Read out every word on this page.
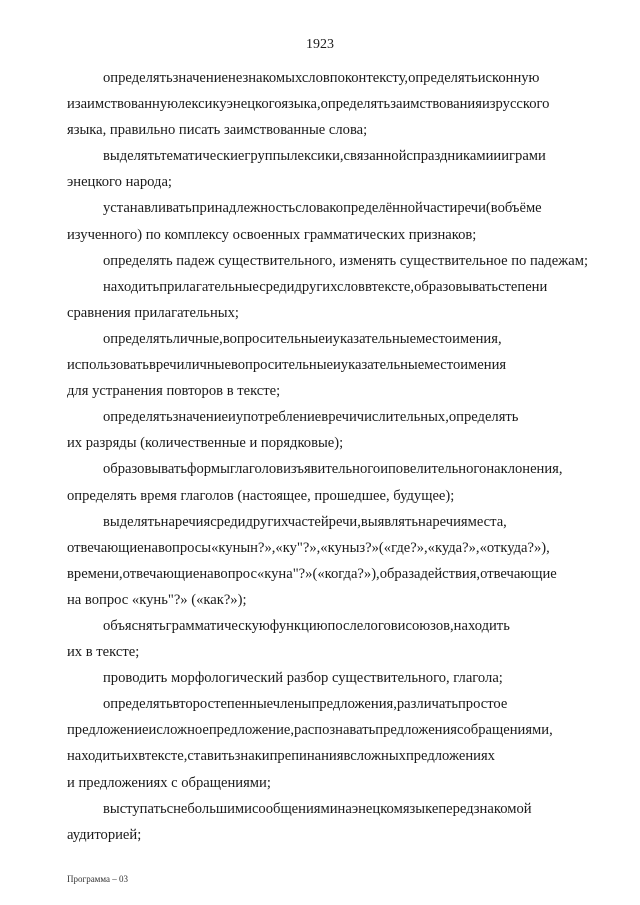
1923
определятьзначениенезнакомыхсловпоконтексту,определятьисконную
изаимствованнуюлексикуэнецкогоязыка,определятьзаимствованияизрусского
языка, правильно писать заимствованные слова;
выделятьтематическиегруппылексики,связаннойспраздникамиииграми
энецкого народа;
устанавливатьпринадлежностьсловакопределённойчастиречи(вобъёме
изученного) по комплексу освоенных грамматических признаков;
определять падеж существительного, изменять существительное по падежам;
находитьприлагательныесредидругихсловвтексте,образовыватьстепени
сравнения прилагательных;
определятьличные,вопросительныеиуказательныеместоимения,
использоватьвречиличныевопросительныеиуказательныеместоимения
для устранения повторов в тексте;
определятьзначениеиупотреблениевречичислительных,определять
их разряды (количественные и порядковые);
образовыватьформыглаголовизъявительногоиповелительногонаклонения,
определять время глаголов (настоящее, прошедшее, будущее);
выделятьнаречиясредидругихчастейречи,выявлятьнаречияместа,
отвечающиенавопросы«кунын?»,«ку"?»,«куныз?»(«где?»,«куда?»,«откуда?»),
времени,отвечающиенавопрос«куна"?»(«когда?»),образадействия,отвечающие
на вопрос «кунь"?» («как?»);
объяснятьграмматическуюфункциюпослелоговисоюзов,находить
их в тексте;
проводить морфологический разбор существительного, глагола;
определятьвторостепенныечленыпредложения,различатьпростое
предложениеисложноепредложение,распознаватьпредложениясобращениями,
находитьихвтексте,ставитьзнакипрепинаниявсложныхпредложениях
и предложениях с обращениями;
выступатьснебольшимисообщенияминаэнецкомязыкепередзнакомой
аудиторией;
Программа – 03
